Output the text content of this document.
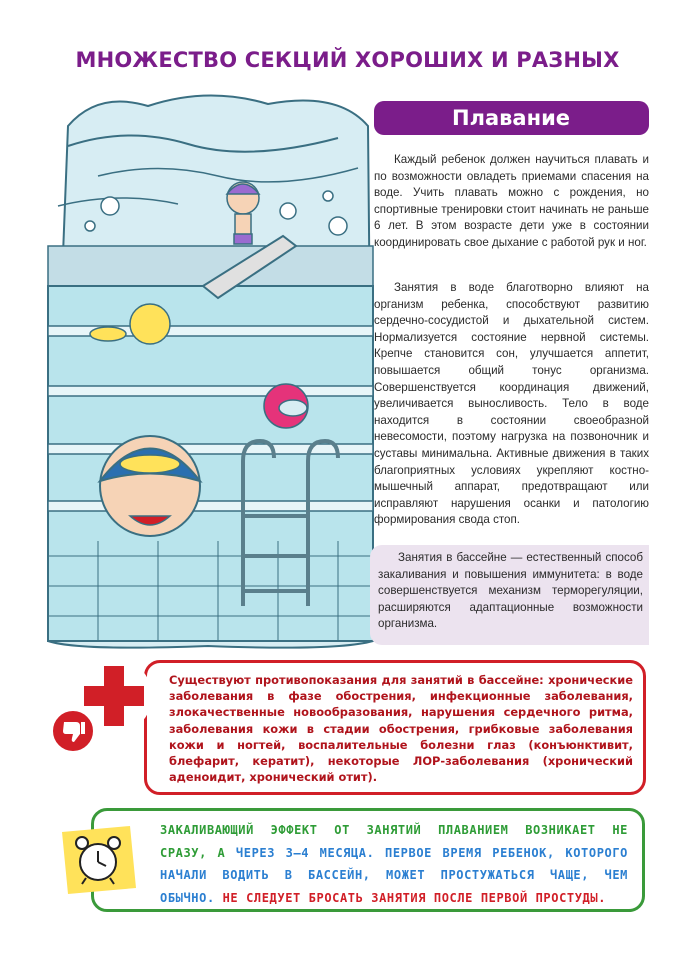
МНОЖЕСТВО СЕКЦИЙ ХОРОШИХ И РАЗНЫХ
Плавание

Каждый ребенок должен научиться плавать и по возможности овладеть приемами спасения на воде. Учить плавать можно с рождения, но спортивные тренировки стоит начинать не раньше 6 лет. В этом возрасте дети уже в состоянии координировать свое дыхание с работой рук и ног.

Занятия в воде благотворно влияют на организм ребенка, способствуют развитию сердечно-сосудистой и дыхательной систем. Нормализуется состояние нервной системы. Крепче становится сон, улучшается аппетит, повышается общий тонус организма. Совершенствуется координация движений, увеличивается выносливость. Тело в воде находится в состоянии своеобразной невесомости, поэтому нагрузка на позвоночник и суставы минимальна. Активные движения в таких благоприятных условиях укрепляют костно-мышечный аппарат, предотвращают или исправляют нарушения осанки и патологию формирования свода стоп.

Занятия в бассейне — естественный способ закаливания и повышения иммунитета: в воде совершенствуется механизм терморегуляции, расширяются адаптационные возможности организма.

Существуют противопоказания для занятий в бассейне: хронические заболевания в фазе обострения, инфекционные заболевания, злокачественные новообразования, нарушения сердечного ритма, заболевания кожи в стадии обострения, грибковые заболевания кожи и ногтей, воспалительные болезни глаз (конъюнктивит, блефарит, кератит), некоторые ЛОР-заболевания (хронический аденоидит, хронический отит).

ЗАКАЛИВАЮЩИЙ ЭФФЕКТ ОТ ЗАНЯТИЙ ПЛАВАНИЕМ ВОЗНИКАЕТ НЕ СРАЗУ, А ЧЕРЕЗ 3—4 МЕСЯЦА. ПЕРВОЕ ВРЕМЯ РЕБЕНОК, КОТОРОГО НАЧАЛИ ВОДИТЬ В БАССЕЙН, МОЖЕТ ПРОСТУЖАТЬСЯ ЧАЩЕ, ЧЕМ ОБЫЧНО. НЕ СЛЕДУЕТ БРОСАТЬ ЗАНЯТИЯ ПОСЛЕ ПЕРВОЙ ПРОСТУДЫ.
